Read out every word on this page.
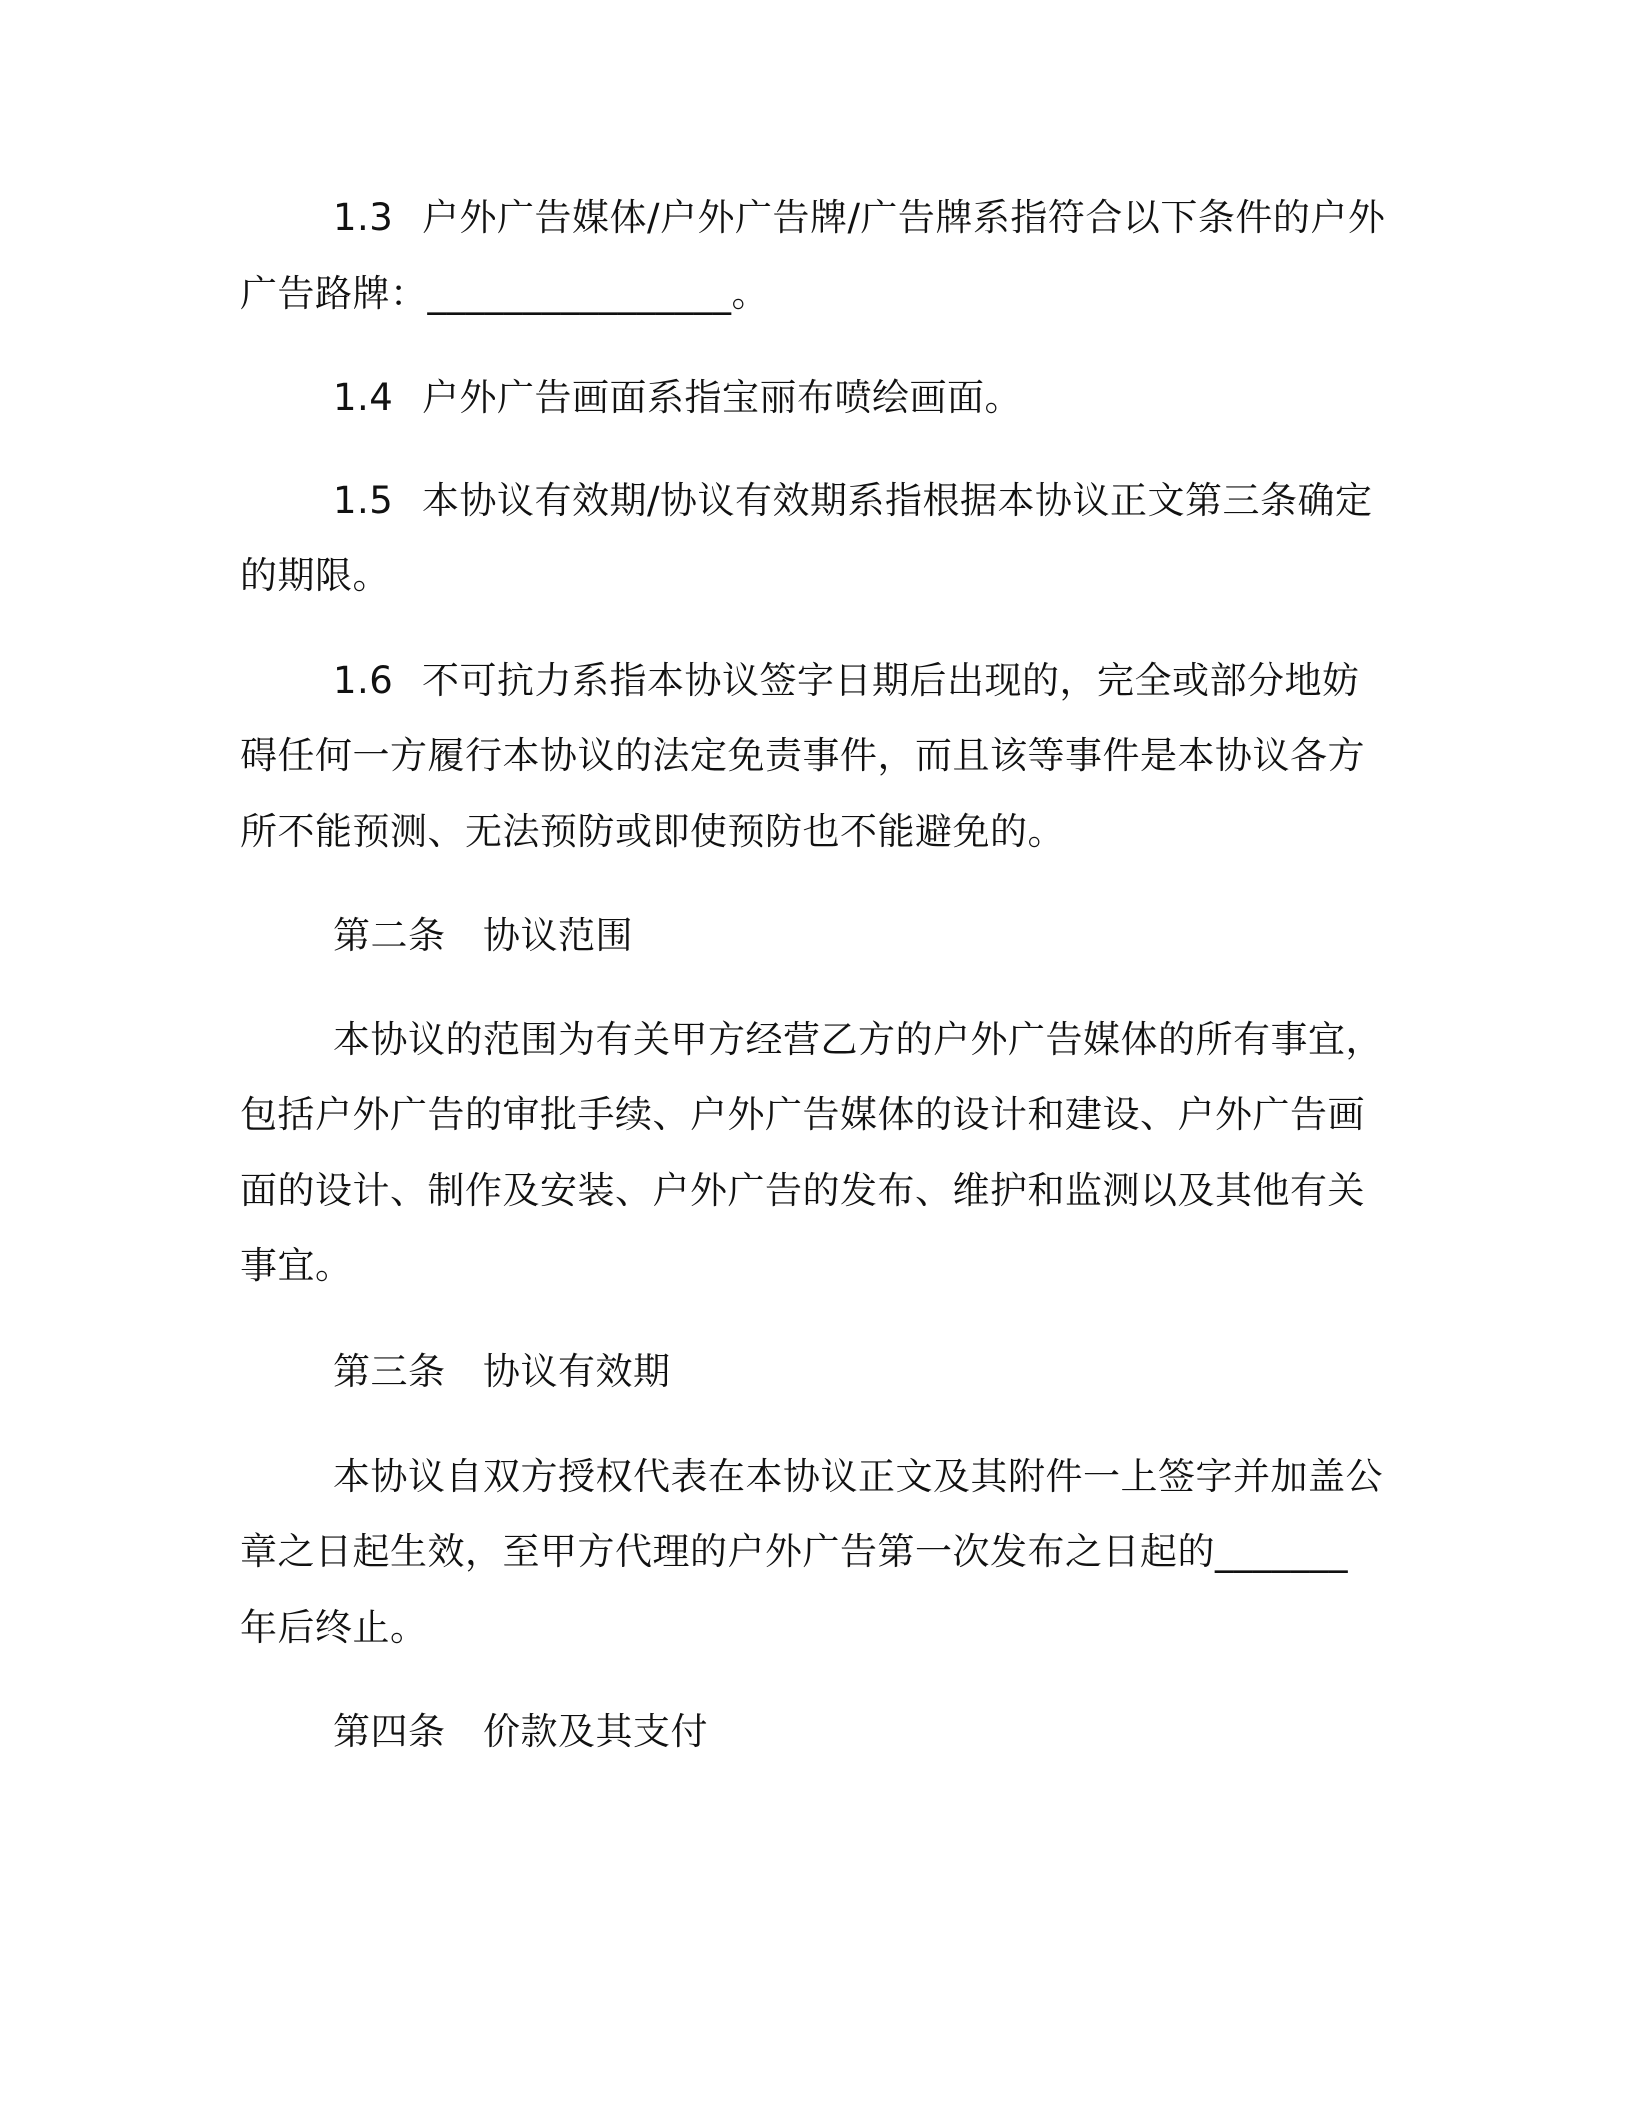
1.3 户外广告媒体/户外广告牌/广告牌系指符合以下条件的户外
广告路牌：________________。
1.4 户外广告画面系指宝丽布喷绘画面。
1.5 本协议有效期/协议有效期系指根据本协议正文第三条确定
的期限。
1.6 不可抗力系指本协议签字日期后出现的，完全或部分地妨
碍任何一方履行本协议的法定免责事件，而且该等事件是本协议各方
所不能预测、无法预防或即使预防也不能避免的。
第二条 协议范围
本协议的范围为有关甲方经营乙方的户外广告媒体的所有事宜，
包括户外广告的审批手续、户外广告媒体的设计和建设、户外广告画
面的设计、制作及安装、户外广告的发布、维护和监测以及其他有关
事宜。
第三条 协议有效期
本协议自双方授权代表在本协议正文及其附件一上签字并加盖公
章之日起生效，至甲方代理的户外广告第一次发布之日起的_______
年后终止。
第四条 价款及其支付
